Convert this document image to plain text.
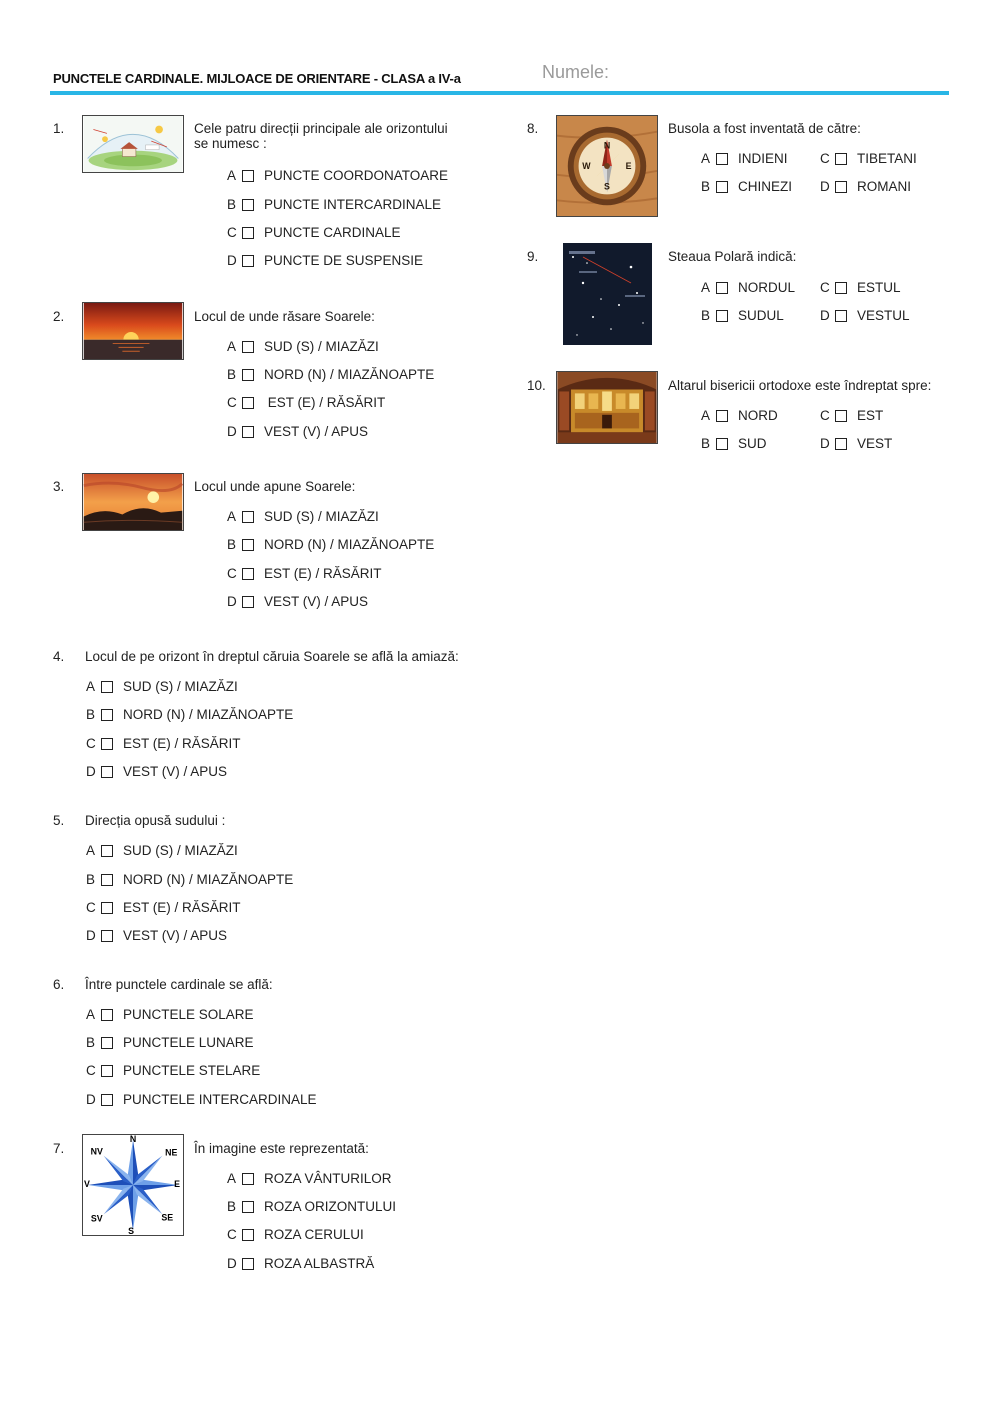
PUNCTELE CARDINALE. MIJLOACE DE ORIENTARE - CLASA a IV-a	Numele:
1.	Cele patru direcții principale ale orizontului
se numesc :
A PUNCTE COORDONATOARE
B PUNCTE INTERCARDINALE
C PUNCTE CARDINALE
D PUNCTE DE SUSPENSIE
2.	Locul de unde răsare Soarele:
A SUD (S) / MIAZĂZI
B NORD (N) / MIAZĂNOAPTE
C EST (E) / RĂSĂRIT
D VEST (V) / APUS
3.	Locul unde apune Soarele:
A SUD (S) / MIAZĂZI
B NORD (N) / MIAZĂNOAPTE
C EST (E) / RĂSĂRIT
D VEST (V) / APUS
4. Locul de pe orizont în dreptul căruia Soarele se află la amiază:
A SUD (S) / MIAZĂZI
B NORD (N) / MIAZĂNOAPTE
C EST (E) / RĂSĂRIT
D VEST (V) / APUS
5. Direcția opusă sudului :
A SUD (S) / MIAZĂZI
B NORD (N) / MIAZĂNOAPTE
C EST (E) / RĂSĂRIT
D VEST (V) / APUS
6. Între punctele cardinale se află:
A PUNCTELE SOLARE
B PUNCTELE LUNARE
C PUNCTELE STELARE
D PUNCTELE INTERCARDINALE
7.
N
NE
E
SE
S
SV
V
NV	În imagine este reprezentată:
A ROZA VÂNTURILOR
B ROZA ORIZONTULUI
C ROZA CERULUI
D ROZA ALBASTRĂ
8.
N
E
S
W
Busola a fost inventată de către:
A INDIENI
B CHINEZI
C TIBETANI
D ROMANI
9.	Steaua Polară indică:
A NORDUL
B SUDUL
C ESTUL
D VESTUL
10.	Altarul bisericii ortodoxe este îndreptat spre:
A NORD
B SUD
C EST
D VEST
